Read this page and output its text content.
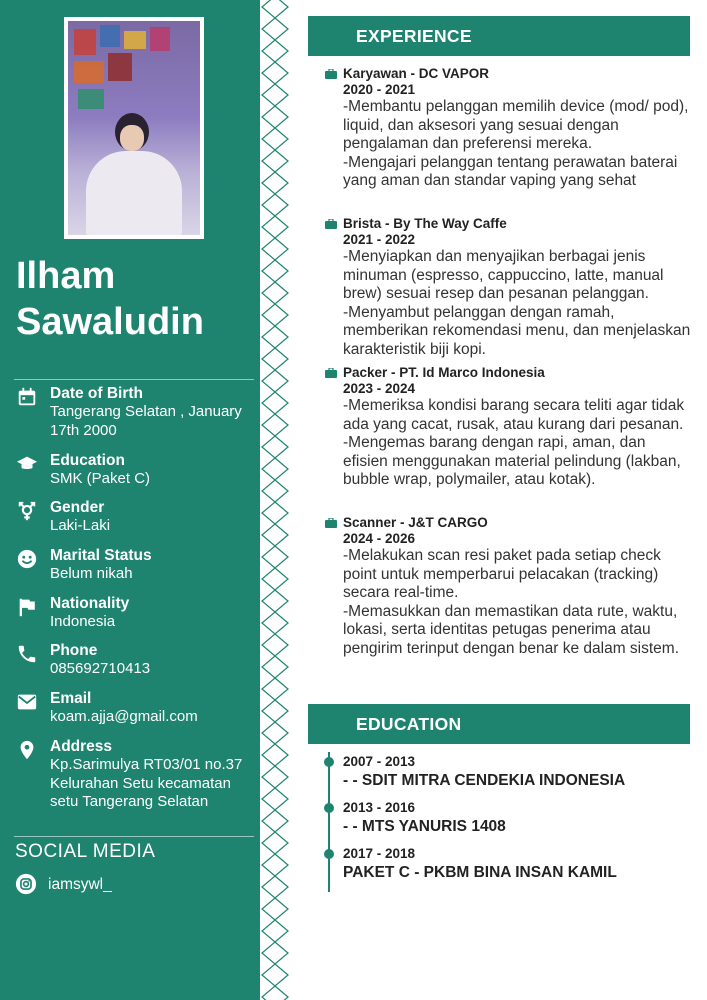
Ilham
Sawaludin
Date of Birth
Tangerang Selatan , January 17th 2000
Education
SMK (Paket C)
Gender
Laki-Laki
Marital Status
Belum nikah
Nationality
Indonesia
Phone
085692710413
Email
koam.ajja@gmail.com
Address
Kp.Sarimulya RT03/01 no.37 Kelurahan Setu kecamatan setu Tangerang Selatan
SOCIAL MEDIA
iamsywl_
EXPERIENCE
Karyawan - DC VAPOR
2020 - 2021
-Membantu pelanggan memilih device (mod/ pod), liquid, dan aksesori yang sesuai dengan pengalaman dan preferensi mereka.
-Mengajari pelanggan tentang perawatan baterai yang aman dan standar vaping yang sehat
Brista - By The Way Caffe
2021 - 2022
-Menyiapkan dan menyajikan berbagai jenis minuman (espresso, cappuccino, latte, manual brew) sesuai resep dan pesanan pelanggan.
-Menyambut pelanggan dengan ramah, memberikan rekomendasi menu, dan menjelaskan karakteristik biji kopi.
Packer - PT. Id Marco Indonesia
2023 - 2024
-Memeriksa kondisi barang secara teliti agar tidak ada yang cacat, rusak, atau kurang dari pesanan.
-Mengemas barang dengan rapi, aman, dan efisien menggunakan material pelindung (lakban, bubble wrap, polymailer, atau kotak).
Scanner - J&T CARGO
2024 - 2026
-Melakukan scan resi paket pada setiap check point untuk memperbarui pelacakan (tracking) secara real-time.
-Memasukkan dan memastikan data rute, waktu, lokasi, serta identitas petugas penerima atau pengirim terinput dengan benar ke dalam sistem.
EDUCATION
2007 - 2013
- - SDIT MITRA CENDEKIA INDONESIA
2013 - 2016
- - MTS YANURIS 1408
2017 - 2018
PAKET C - PKBM BINA INSAN KAMIL
